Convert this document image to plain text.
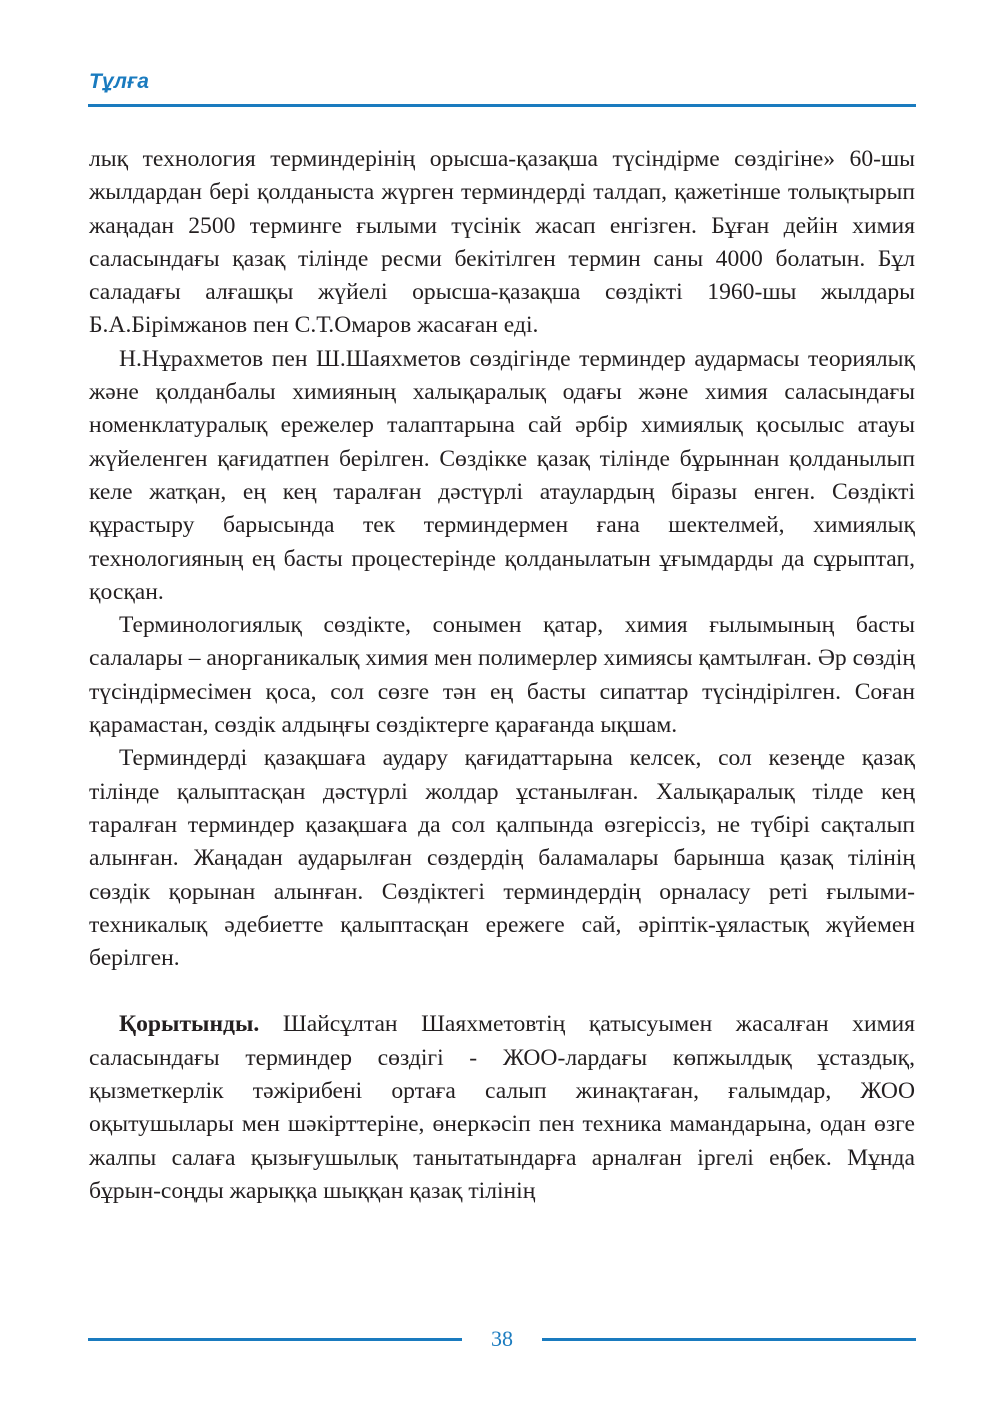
Тұлға

лық технология терминдерінің орысша-қазақша түсіндірме сөздігіне» 60-шы жылдардан бері қолданыста жүрген терминдерді талдап, қажетінше толықтырып жаңадан 2500 терминге ғылыми түсінік жасап енгізген. Бұған дейін химия саласындағы қазақ тілінде ресми бекітілген термин саны 4000 болатын. Бұл саладағы алғашқы жүйелі орысша-қазақша сөздікті 1960-шы жылдары Б.А.Бірімжанов пен С.Т.Омаров жасаған еді.

Н.Нұрахметов пен Ш.Шаяхметов сөздігінде терминдер аудармасы теориялық және қолданбалы химияның халықаралық одағы және химия саласындағы номенклатуралық ережелер талаптарына сай әрбір химиялық қосылыс атауы жүйеленген қағидатпен берілген. Сөздікке қазақ тілінде бұрыннан қолданылып келе жатқан, ең кең таралған дәстүрлі атаулардың біразы енген. Сөздікті құрастыру барысында тек терминдермен ғана шектелмей, химиялық технологияның ең басты процестерінде қолданылатын ұғымдарды да сұрыптап, қосқан.

Терминологиялық сөздікте, сонымен қатар, химия ғылымының басты салалары – анорганикалық химия мен полимерлер химиясы қамтылған. Әр сөздің түсіндірмесімен қоса, сол сөзге тән ең басты сипаттар түсіндірілген. Соған қарамастан, сөздік алдыңғы сөздіктерге қарағанда ықшам.

Терминдерді қазақшаға аудару қағидаттарына келсек, сол кезеңде қазақ тілінде қалыптасқан дәстүрлі жолдар ұстанылған. Халықаралық тілде кең таралған терминдер қазақшаға да сол қалпында өзгеріссіз, не түбірі сақталып алынған. Жаңадан аударылған сөздердің баламалары барынша қазақ тілінің сөздік қорынан алынған. Сөздіктегі терминдердің орналасу реті ғылыми-техникалық әдебиетте қалыптасқан ережеге сай, әріптік-ұяластық жүйемен берілген.

Қорытынды. Шайсұлтан Шаяхметовтің қатысуымен жасалған химия саласындағы терминдер сөздігі - ЖОО-лардағы көпжылдық ұстаздық, қызметкерлік тәжірибені ортаға салып жинақтаған, ғалымдар, ЖОО оқытушылары мен шәкірттеріне, өнеркәсіп пен техника мамандарына, одан өзге жалпы салаға қызығушылық танытатындарға арналған іргелі еңбек. Мұнда бұрын-соңды жарыққа шыққан қазақ тілінің

38
